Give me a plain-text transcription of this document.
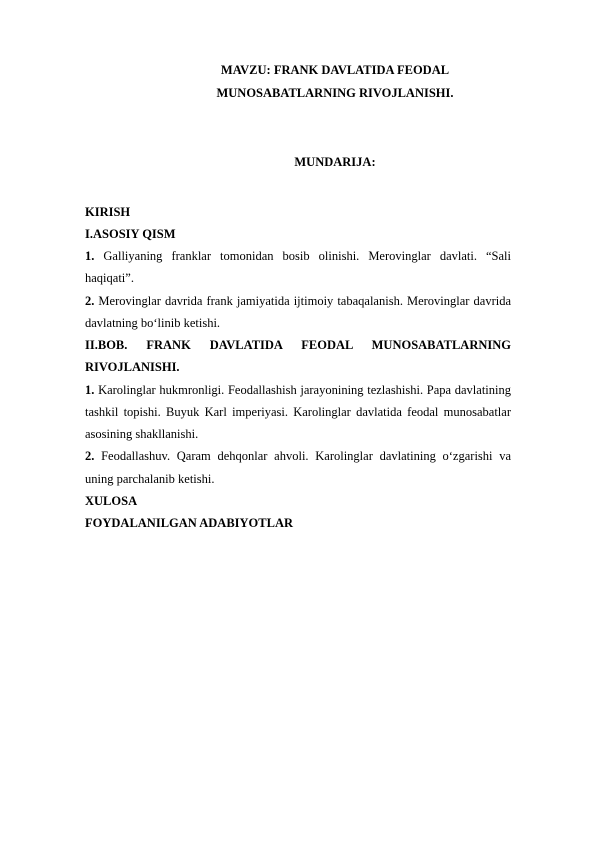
MAVZU: FRANK DAVLATIDA FEODAL
MUNOSABATLARNING RIVOJLANISHI.
MUNDARIJA:
KIRISH
I.ASOSIY QISM
1. Galliyaning franklar tomonidan bosib olinishi. Merovinglar davlati. “Sali
haqiqati”.
2. Merovinglar davrida frank jamiyatida ijtimoiy tabaqalanish. Merovinglar davrida
davlatning bo‘linib ketishi.
II.BOB. FRANK DAVLATIDA FEODAL MUNOSABATLARNING
RIVOJLANISHI.
1. Karolinglar hukmronligi. Feodallashish jarayonining tezlashishi. Papa davlatining
tashkil topishi. Buyuk Karl imperiyasi. Karolinglar davlatida feodal munosabatlar
asosining shakllanishi.
2. Feodallashuv. Qaram dehqonlar ahvoli. Karolinglar davlatining o‘zgarishi va
uning parchalanib ketishi.
XULOSA
FOYDALANILGAN ADABIYOTLAR
